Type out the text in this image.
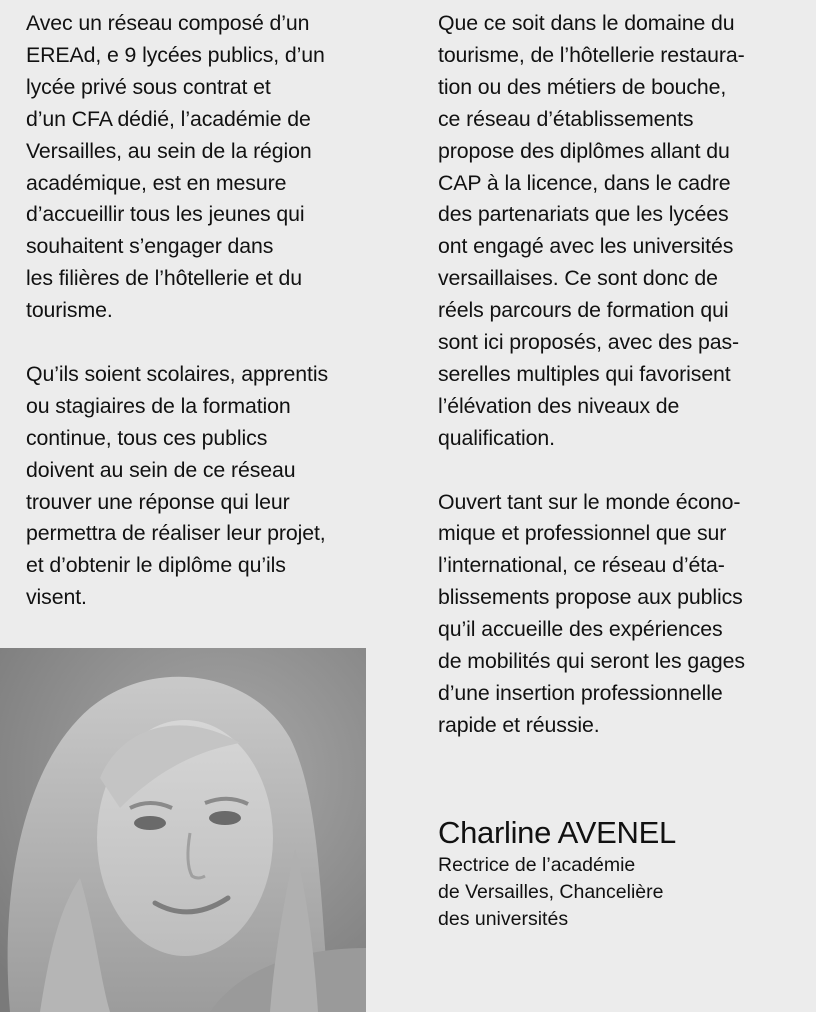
Avec un réseau composé d’un
EREAd, e 9 lycées publics, d’un
lycée privé sous contrat et
d’un CFA dédié, l’académie de
Versailles, au sein de la région
académique, est en mesure
d’accueillir tous les jeunes qui
souhaitent s’engager dans
les filières de l’hôtellerie et du
tourisme.
Qu’ils soient scolaires, apprentis
ou stagiaires de la formation
continue, tous ces publics
doivent au sein de ce réseau
trouver une réponse qui leur
permettra de réaliser leur projet,
et d’obtenir le diplôme qu’ils
visent.
Que ce soit dans le domaine du
tourisme, de l’hôtellerie restaura-
tion ou des métiers de bouche,
ce réseau d’établissements
propose des diplômes allant du
CAP à la licence, dans le cadre
des partenariats que les lycées
ont engagé avec les universités
versaillaises. Ce sont donc de
réels parcours de formation qui
sont ici proposés, avec des pas-
serelles multiples qui favorisent
l’élévation des niveaux de
qualification.
Ouvert tant sur le monde écono-
mique et professionnel que sur
l’international, ce réseau d’éta-
blissements propose aux publics
qu’il accueille des expériences
de mobilités qui seront les gages
d’une insertion professionnelle
rapide et réussie.
Charline AVENEL
Rectrice de l’académie
de Versailles, Chancelière
des universités
